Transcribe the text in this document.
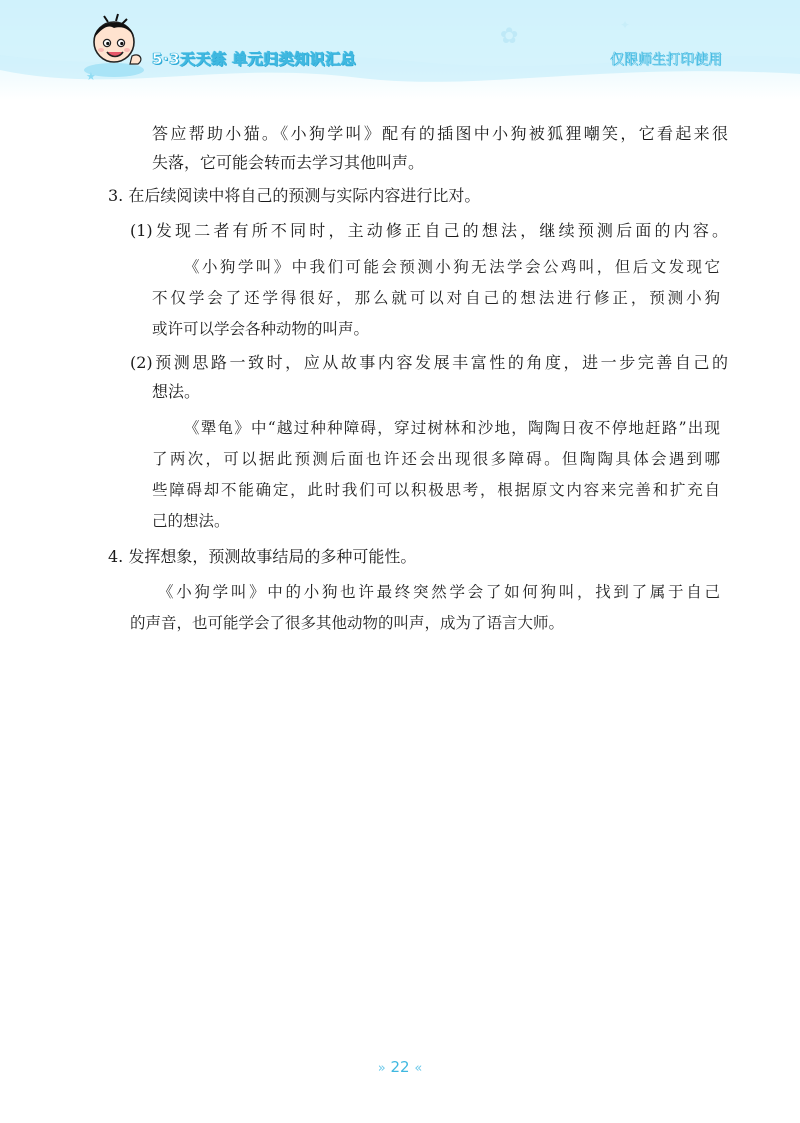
★
✿	✦
5·3天天练 单元归类知识汇总	仅限师生打印使用
答应帮助小猫。《小狗学叫》配有的插图中小狗被狐狸嘲笑，它看起来很
失落，它可能会转而去学习其他叫声。
3. 在后续阅读中将自己的预测与实际内容进行比对。
(1)发现二者有所不同时，主动修正自己的想法，继续预测后面的内容。
《小狗学叫》中我们可能会预测小狗无法学会公鸡叫，但后文发现它
不仅学会了还学得很好，那么就可以对自己的想法进行修正，预测小狗
或许可以学会各种动物的叫声。
(2)预测思路一致时，应从故事内容发展丰富性的角度，进一步完善自己的
想法。
《犟龟》中“越过种种障碍，穿过树林和沙地，陶陶日夜不停地赶路”出现
了两次，可以据此预测后面也许还会出现很多障碍。但陶陶具体会遇到哪
些障碍却不能确定，此时我们可以积极思考，根据原文内容来完善和扩充自
己的想法。
4. 发挥想象，预测故事结局的多种可能性。
《小狗学叫》中的小狗也许最终突然学会了如何狗叫，找到了属于自己
的声音，也可能学会了很多其他动物的叫声，成为了语言大师。
» 22 «
